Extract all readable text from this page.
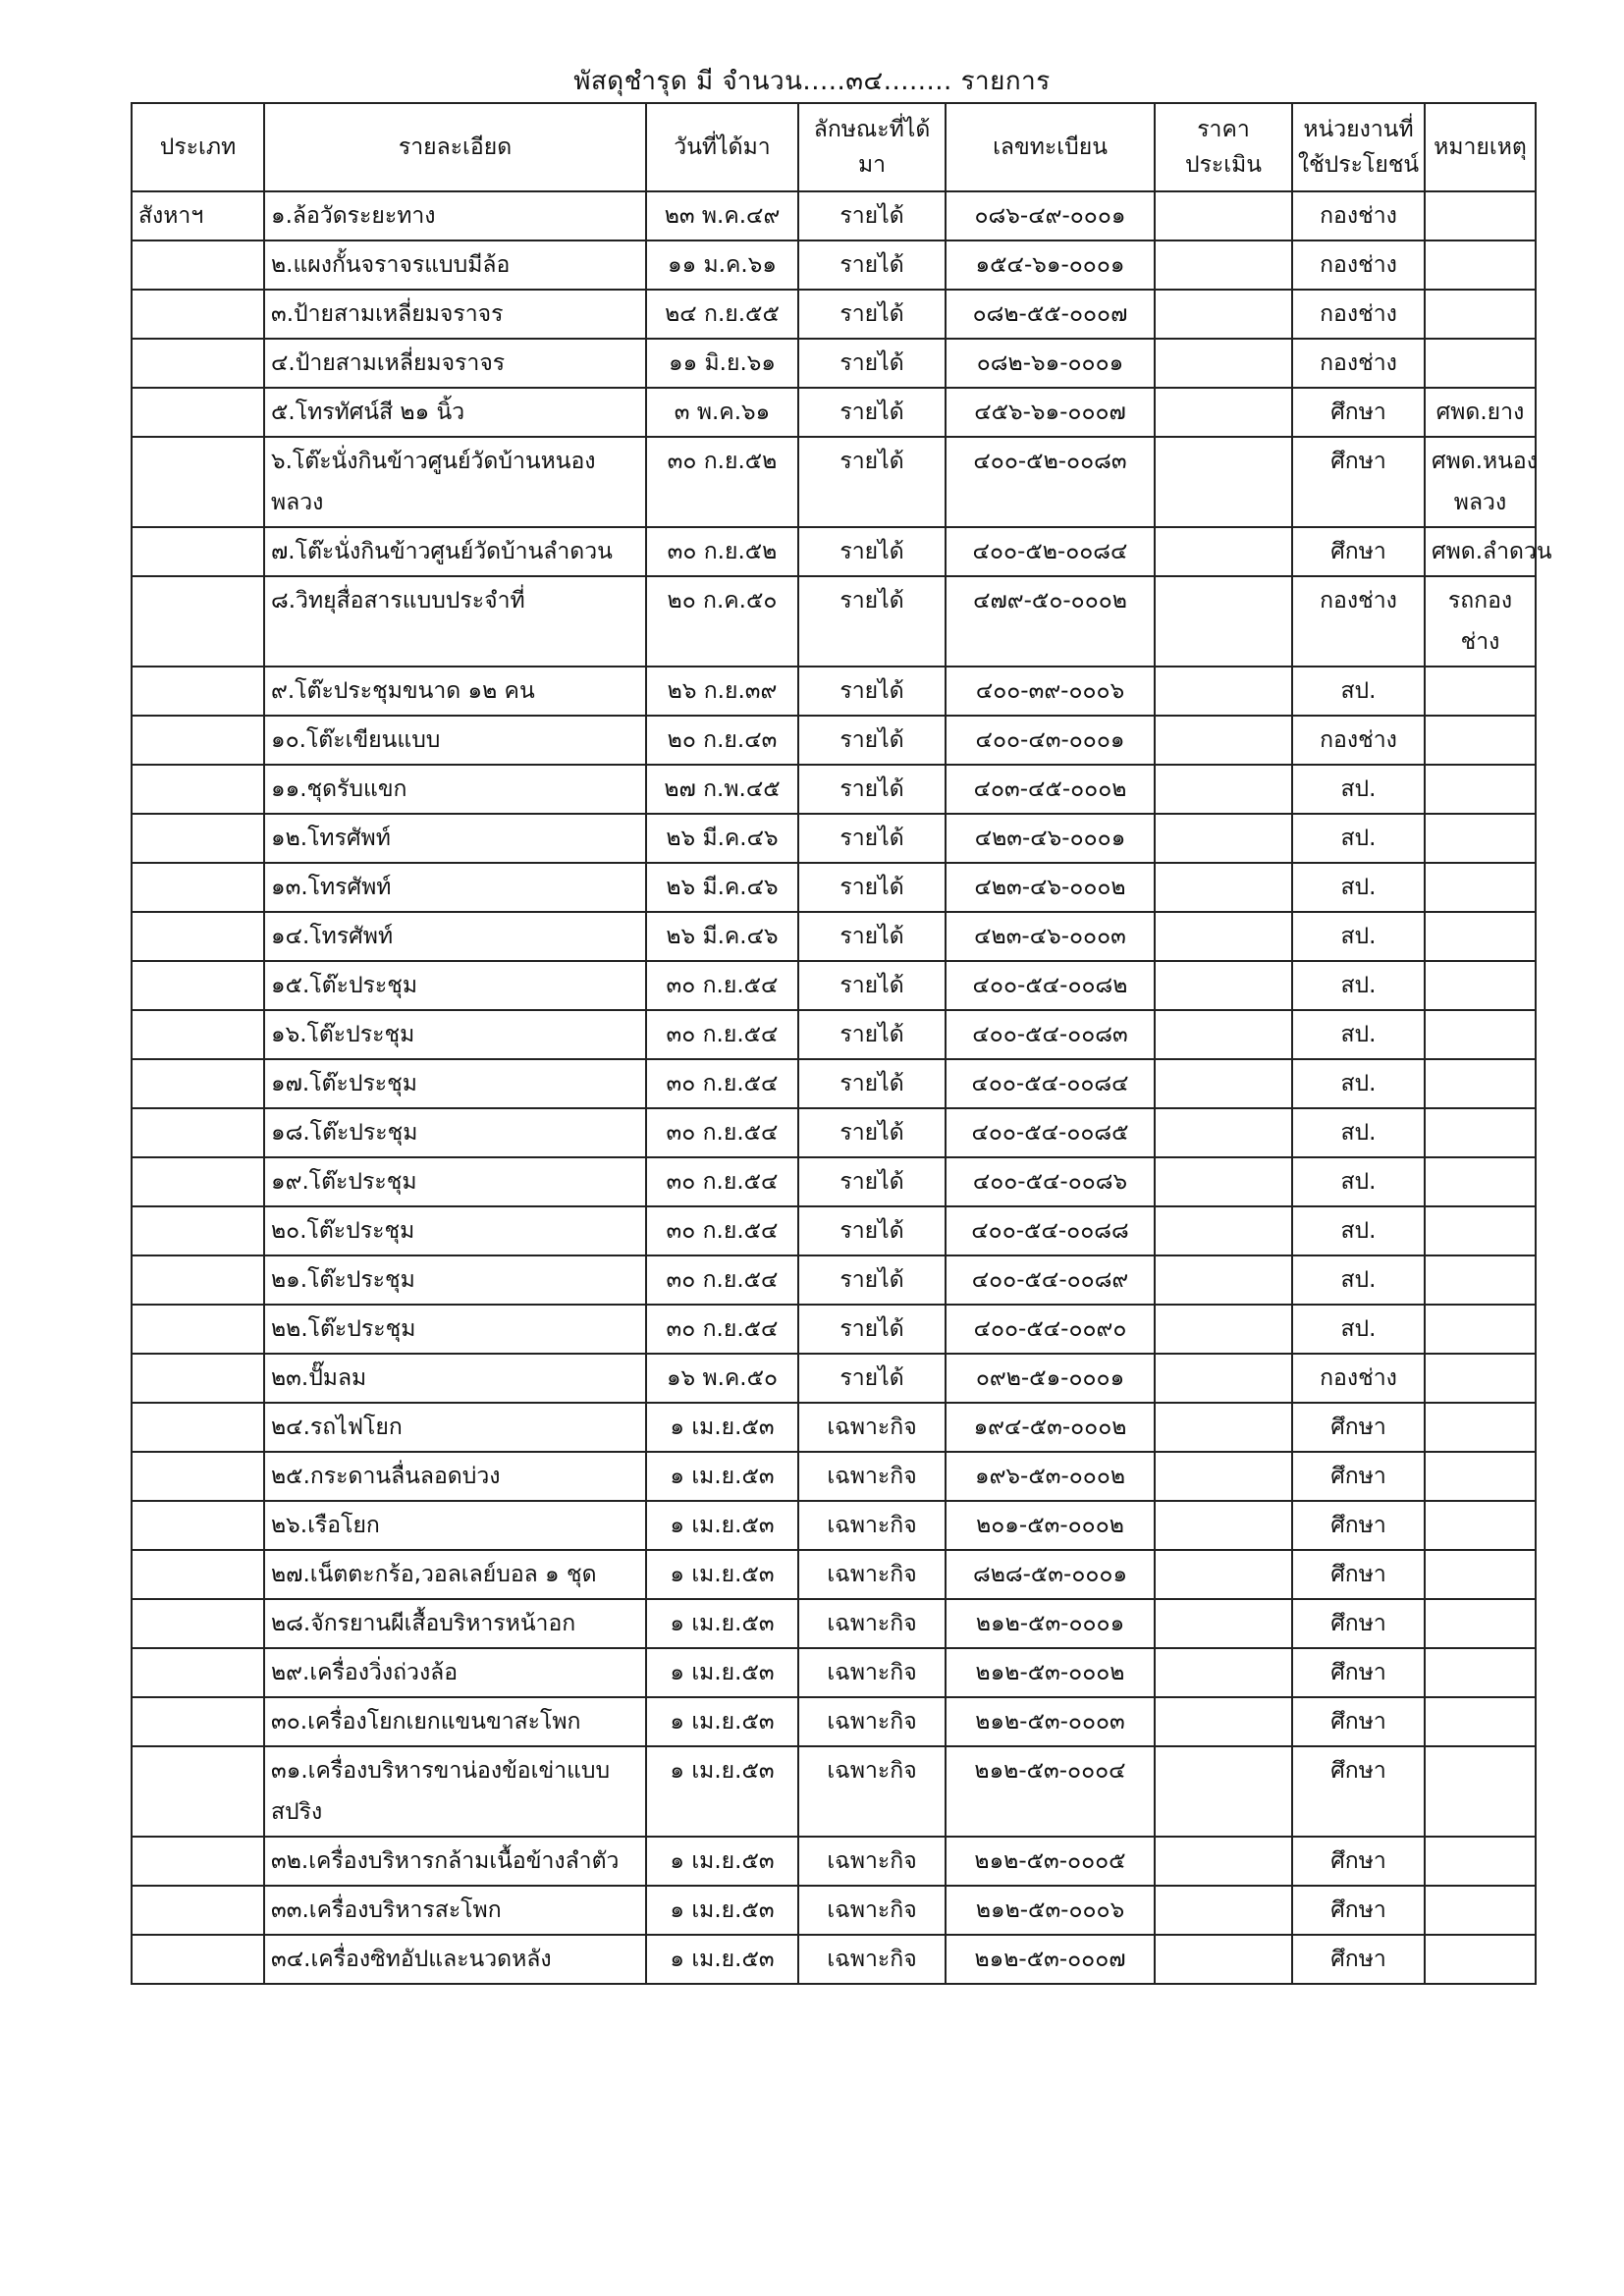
พัสดุชำรุด มี จำนวน.....๓๔........ รายการ
ประเภท	รายละเอียด	วันที่ได้มา	ลักษณะที่ได้มา	เลขทะเบียน	ราคาประเมิน	หน่วยงานที่ใช้ประโยชน์	หมายเหตุ
สังหาฯ	๑.ล้อวัดระยะทาง	๒๓ พ.ค.๔๙	รายได้	๐๘๖-๔๙-๐๐๐๑		กองช่าง	
	๒.แผงกั้นจราจรแบบมีล้อ	๑๑ ม.ค.๖๑	รายได้	๑๕๔-๖๑-๐๐๐๑		กองช่าง	
	๓.ป้ายสามเหลี่ยมจราจร	๒๔ ก.ย.๕๕	รายได้	๐๘๒-๕๕-๐๐๐๗		กองช่าง	
	๔.ป้ายสามเหลี่ยมจราจร	๑๑ มิ.ย.๖๑	รายได้	๐๘๒-๖๑-๐๐๐๑		กองช่าง	
	๕.โทรทัศน์สี ๒๑ นิ้ว	๓ พ.ค.๖๑	รายได้	๔๕๖-๖๑-๐๐๐๗		ศึกษา	ศพด.ยาง
	๖.โต๊ะนั่งกินข้าวศูนย์วัดบ้านหนองพลวง	๓๐ ก.ย.๕๒	รายได้	๔๐๐-๕๒-๐๐๘๓		ศึกษา	ศพด.หนองพลวง
	๗.โต๊ะนั่งกินข้าวศูนย์วัดบ้านลำดวน	๓๐ ก.ย.๕๒	รายได้	๔๐๐-๕๒-๐๐๘๔		ศึกษา	ศพด.ลำดวน
	๘.วิทยุสื่อสารแบบประจำที่	๒๐ ก.ค.๕๐	รายได้	๔๗๙-๕๐-๐๐๐๒		กองช่าง	รถกองช่าง
	๙.โต๊ะประชุมขนาด ๑๒ คน	๒๖ ก.ย.๓๙	รายได้	๔๐๐-๓๙-๐๐๐๖		สป.	
	๑๐.โต๊ะเขียนแบบ	๒๐ ก.ย.๔๓	รายได้	๔๐๐-๔๓-๐๐๐๑		กองช่าง	
	๑๑.ชุดรับแขก	๒๗ ก.พ.๔๕	รายได้	๔๐๓-๔๕-๐๐๐๒		สป.	
	๑๒.โทรศัพท์	๒๖ มี.ค.๔๖	รายได้	๔๒๓-๔๖-๐๐๐๑		สป.	
	๑๓.โทรศัพท์	๒๖ มี.ค.๔๖	รายได้	๔๒๓-๔๖-๐๐๐๒		สป.	
	๑๔.โทรศัพท์	๒๖ มี.ค.๔๖	รายได้	๔๒๓-๔๖-๐๐๐๓		สป.	
	๑๕.โต๊ะประชุม	๓๐ ก.ย.๕๔	รายได้	๔๐๐-๕๔-๐๐๘๒		สป.	
	๑๖.โต๊ะประชุม	๓๐ ก.ย.๕๔	รายได้	๔๐๐-๕๔-๐๐๘๓		สป.	
	๑๗.โต๊ะประชุม	๓๐ ก.ย.๕๔	รายได้	๔๐๐-๕๔-๐๐๘๔		สป.	
	๑๘.โต๊ะประชุม	๓๐ ก.ย.๕๔	รายได้	๔๐๐-๕๔-๐๐๘๕		สป.	
	๑๙.โต๊ะประชุม	๓๐ ก.ย.๕๔	รายได้	๔๐๐-๕๔-๐๐๘๖		สป.	
	๒๐.โต๊ะประชุม	๓๐ ก.ย.๕๔	รายได้	๔๐๐-๕๔-๐๐๘๘		สป.	
	๒๑.โต๊ะประชุม	๓๐ ก.ย.๕๔	รายได้	๔๐๐-๕๔-๐๐๘๙		สป.	
	๒๒.โต๊ะประชุม	๓๐ ก.ย.๕๔	รายได้	๔๐๐-๕๔-๐๐๙๐		สป.	
	๒๓.ปั๊มลม	๑๖ พ.ค.๕๐	รายได้	๐๙๒-๕๑-๐๐๐๑		กองช่าง	
	๒๔.รถไฟโยก	๑ เม.ย.๕๓	เฉพาะกิจ	๑๙๔-๕๓-๐๐๐๒		ศึกษา	
	๒๕.กระดานลื่นลอดบ่วง	๑ เม.ย.๕๓	เฉพาะกิจ	๑๙๖-๕๓-๐๐๐๒		ศึกษา	
	๒๖.เรือโยก	๑ เม.ย.๕๓	เฉพาะกิจ	๒๐๑-๕๓-๐๐๐๒		ศึกษา	
	๒๗.เน็ตตะกร้อ,วอลเลย์บอล ๑ ชุด	๑ เม.ย.๕๓	เฉพาะกิจ	๘๒๘-๕๓-๐๐๐๑		ศึกษา	
	๒๘.จักรยานผีเสื้อบริหารหน้าอก	๑ เม.ย.๕๓	เฉพาะกิจ	๒๑๒-๕๓-๐๐๐๑		ศึกษา	
	๒๙.เครื่องวิ่งถ่วงล้อ	๑ เม.ย.๕๓	เฉพาะกิจ	๒๑๒-๕๓-๐๐๐๒		ศึกษา	
	๓๐.เครื่องโยกเยกแขนขาสะโพก	๑ เม.ย.๕๓	เฉพาะกิจ	๒๑๒-๕๓-๐๐๐๓		ศึกษา	
	๓๑.เครื่องบริหารขาน่องข้อเข่าแบบสปริง	๑ เม.ย.๕๓	เฉพาะกิจ	๒๑๒-๕๓-๐๐๐๔		ศึกษา	
	๓๒.เครื่องบริหารกล้ามเนื้อข้างลำตัว	๑ เม.ย.๕๓	เฉพาะกิจ	๒๑๒-๕๓-๐๐๐๕		ศึกษา	
	๓๓.เครื่องบริหารสะโพก	๑ เม.ย.๕๓	เฉพาะกิจ	๒๑๒-๕๓-๐๐๐๖		ศึกษา	
	๓๔.เครื่องซิทอัปและนวดหลัง	๑ เม.ย.๕๓	เฉพาะกิจ	๒๑๒-๕๓-๐๐๐๗		ศึกษา	
